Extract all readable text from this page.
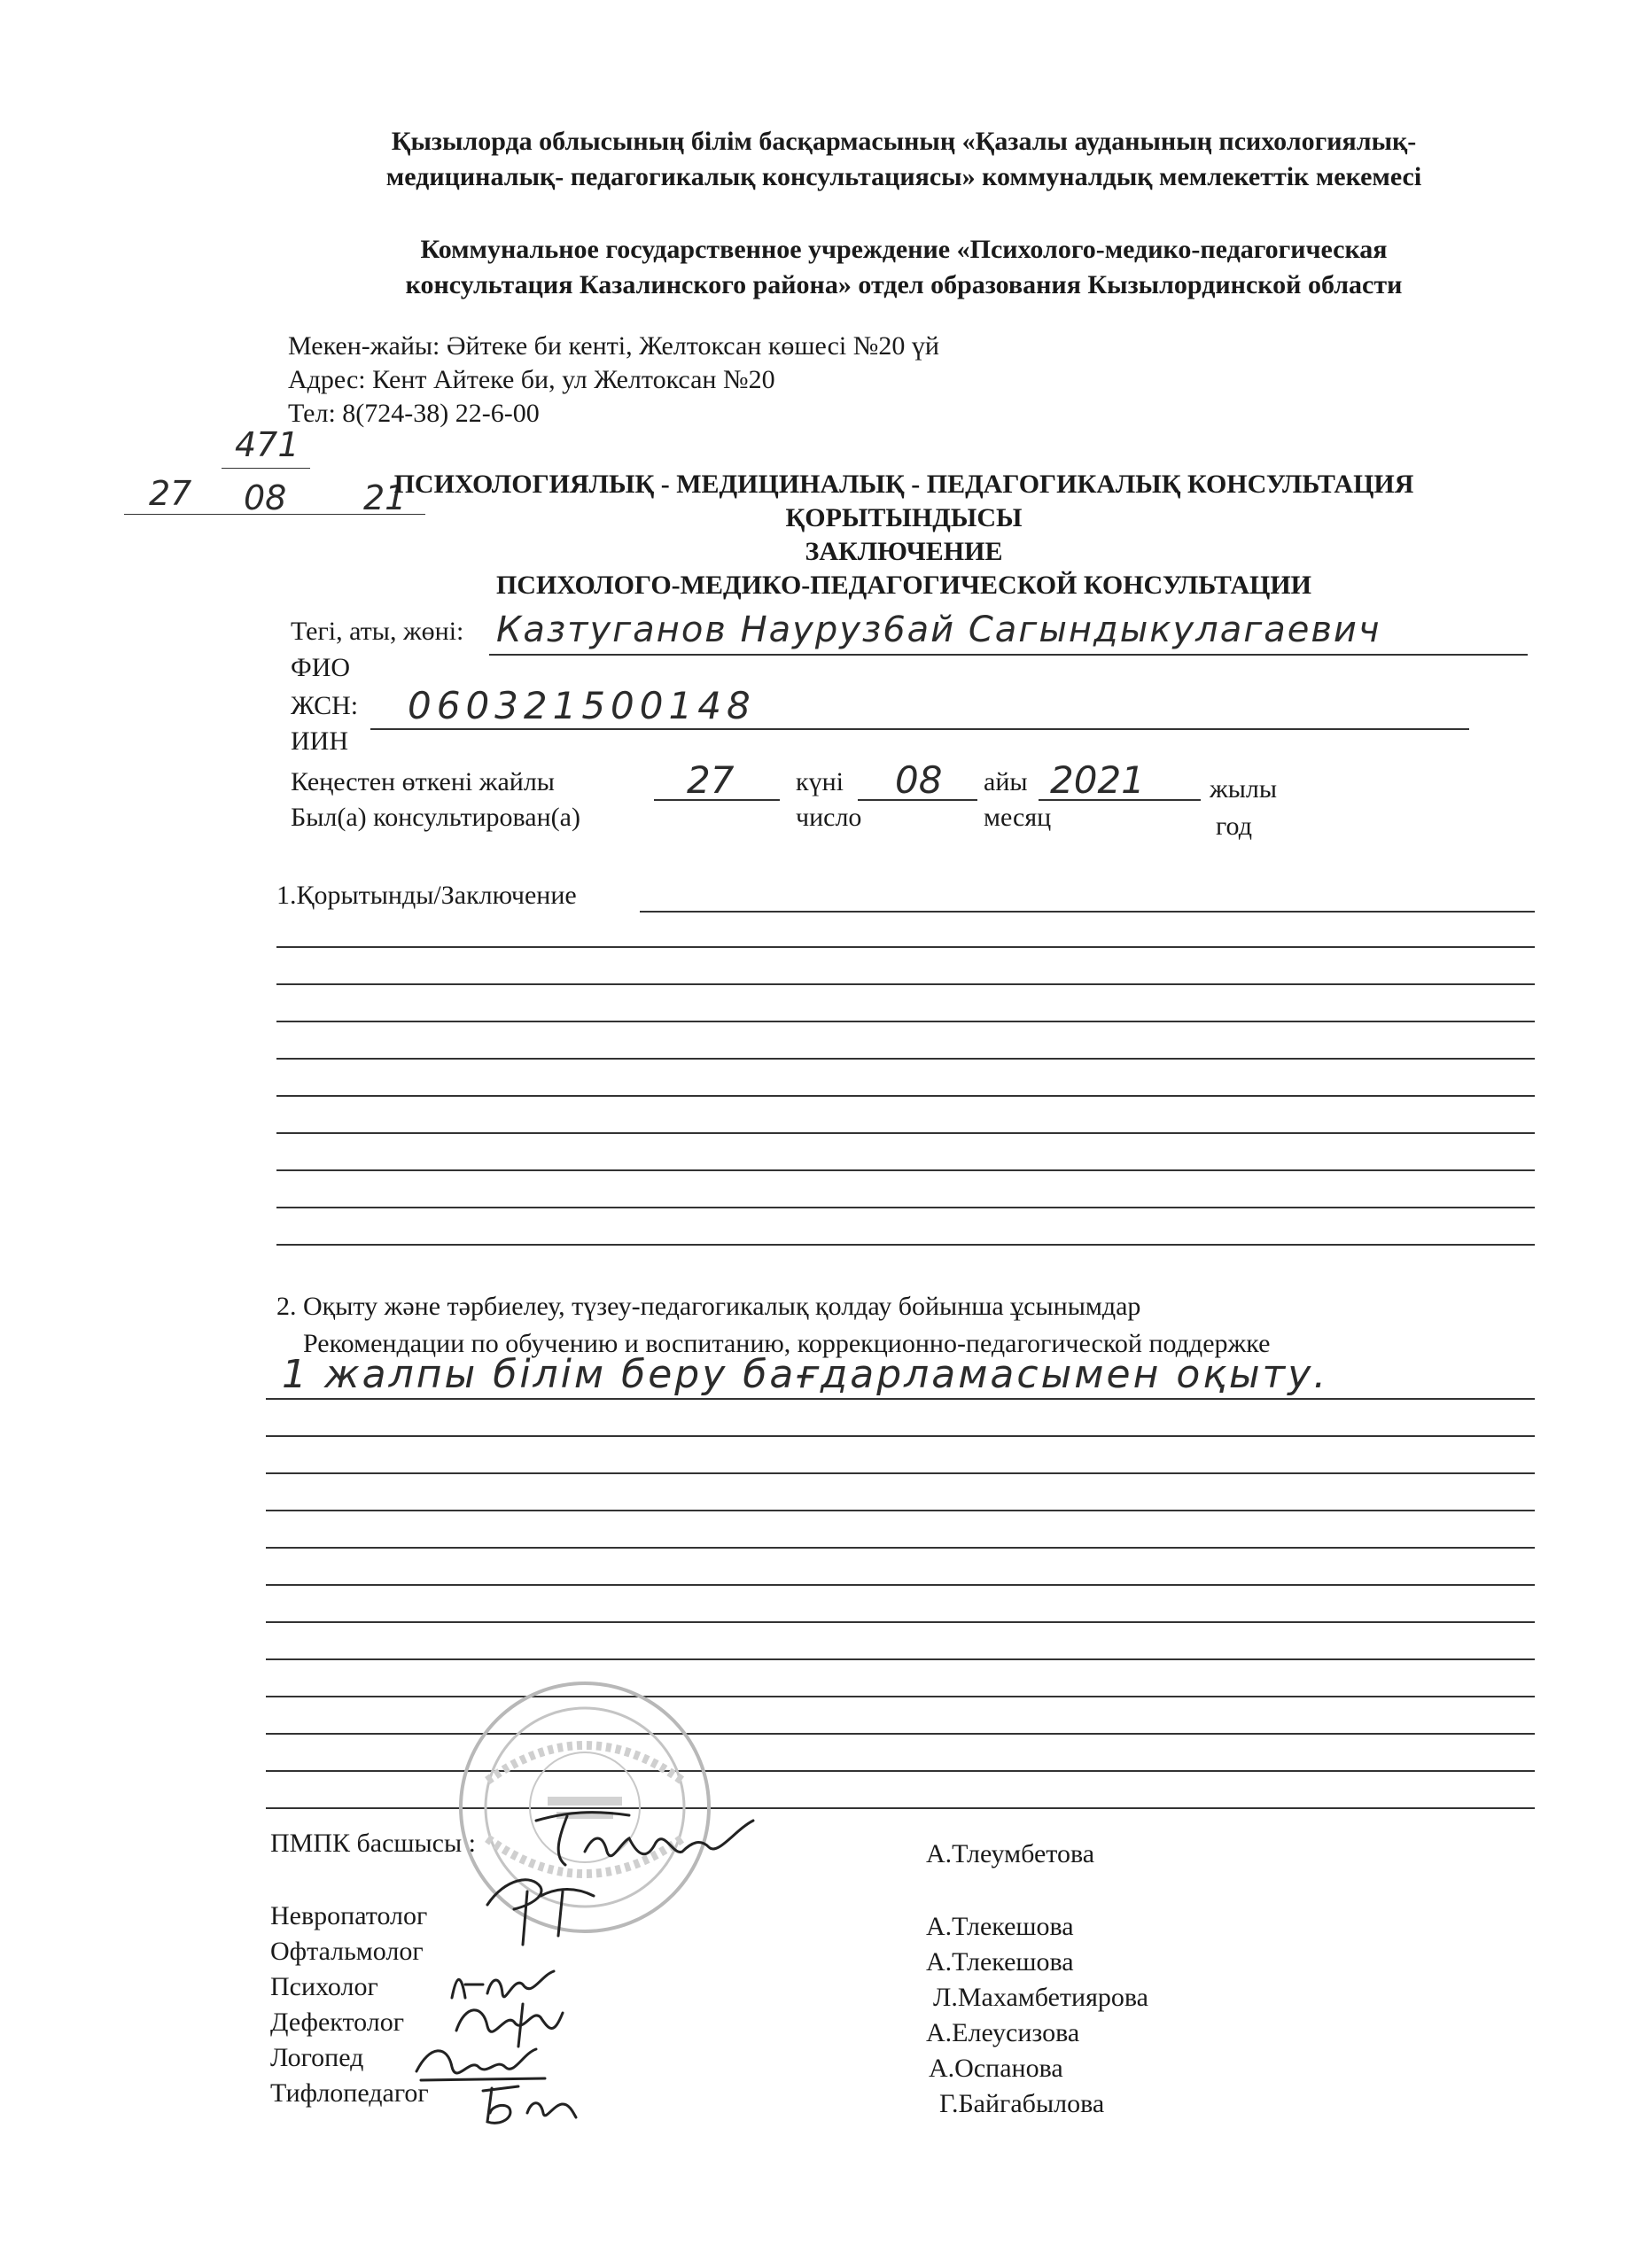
Қызылорда облысының білім басқармасының «Қазалы ауданының психологиялық-
медициналық- педагогикалық консультациясы» коммуналдық мемлекеттік мекемесі
Коммунальное государственное учреждение «Психолого-медико-педагогическая
консультация Казалинского района» отдел образования Кызылординской области
Мекен-жайы: Әйтеке би кенті, Желтоксан көшесі №20 үй
Адрес: Кент Айтеке би, ул Желтоксан №20
Тел: 8(724-38) 22-6-00
471
27 08 21
ПСИХОЛОГИЯЛЫҚ - МЕДИЦИНАЛЫҚ - ПЕДАГОГИКАЛЫҚ КОНСУЛЬТАЦИЯ
ҚОРЫТЫНДЫСЫ
ЗАКЛЮЧЕНИЕ
ПСИХОЛОГО-МЕДИКО-ПЕДАГОГИЧЕСКОЙ КОНСУЛЬТАЦИИ
Тегі, аты, жөні:
ФИО
Казтуганов Науруз6ай Сагындыкулагаевич
ЖСН:
ИИН
060321500148
Кеңестен өткені жайлы
Был(а) консультирован(а)
27 күні
число
08 айы
месяц
2021 жылы
год
1.Қорытынды/Заключение
2. Оқыту және тәрбиелеу, түзеу-педагогикалық қолдау бойынша ұсынымдар
Рекомендации по обучению и воспитанию, коррекционно-педагогической поддержке
1 жалпы білім беру бағдарламасымен оқыту.
ПМПК басшысы :	А.Тлеумбетова
Невропатолог	А.Тлекешова
Офтальмолог	А.Тлекешова
Психолог	Л.Махамбетиярова
Дефектолог	А.Елеусизова
Логопед	А.Оспанова
Тифлопедагог	Г.Байгабылова
